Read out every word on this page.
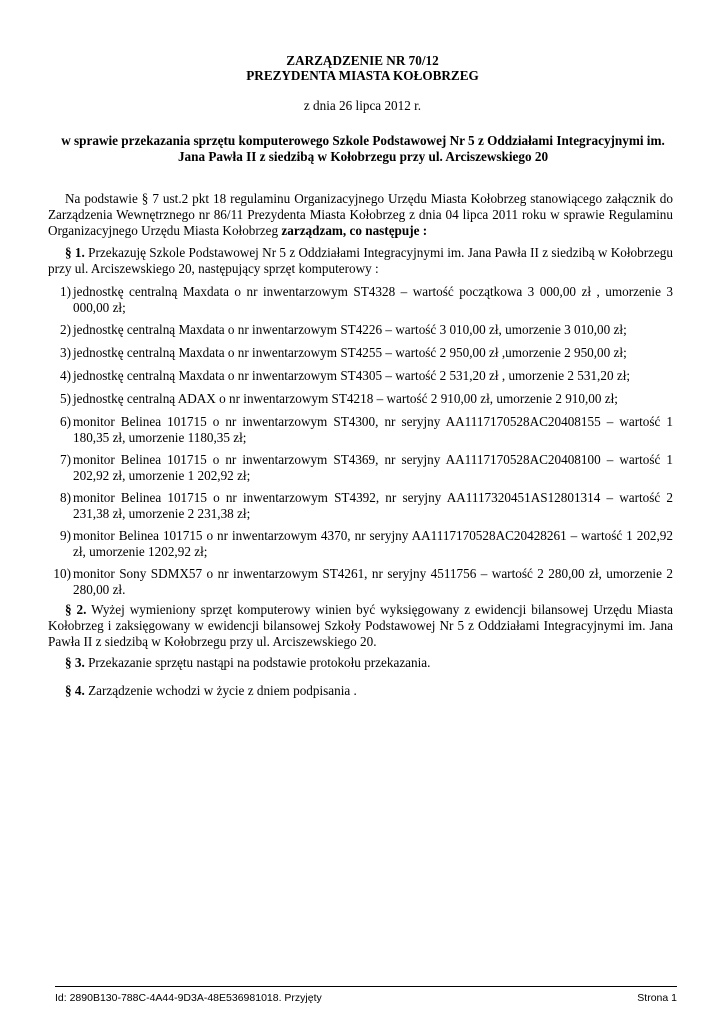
ZARZĄDZENIE NR 70/12
PREZYDENTA MIASTA KOŁOBRZEG
z dnia 26 lipca 2012 r.
w sprawie przekazania sprzętu komputerowego Szkole Podstawowej Nr 5 z Oddziałami Integracyjnymi im. Jana Pawła II z siedzibą w Kołobrzegu przy ul. Arciszewskiego 20
Na podstawie § 7 ust.2 pkt 18 regulaminu Organizacyjnego Urzędu Miasta Kołobrzeg stanowiącego załącznik do Zarządzenia Wewnętrznego nr 86/11 Prezydenta Miasta Kołobrzeg z dnia 04 lipca 2011 roku w sprawie Regulaminu Organizacyjnego Urzędu Miasta Kołobrzeg zarządzam, co następuje :
§ 1. Przekazuję Szkole Podstawowej Nr 5 z Oddziałami Integracyjnymi im. Jana Pawła II z siedzibą w Kołobrzegu przy ul. Arciszewskiego 20, następujący sprzęt komputerowy :
1) jednostkę centralną Maxdata o nr inwentarzowym ST4328 – wartość początkowa 3 000,00 zł , umorzenie 3 000,00 zł;
2) jednostkę centralną Maxdata o nr inwentarzowym ST4226 – wartość 3 010,00 zł, umorzenie 3 010,00 zł;
3) jednostkę centralną Maxdata o nr inwentarzowym ST4255 – wartość 2 950,00 zł ,umorzenie 2 950,00 zł;
4) jednostkę centralną Maxdata o nr inwentarzowym ST4305 – wartość 2 531,20 zł , umorzenie 2 531,20 zł;
5) jednostkę centralną ADAX o nr inwentarzowym ST4218 – wartość 2 910,00 zł, umorzenie 2 910,00 zł;
6) monitor Belinea 101715 o nr inwentarzowym ST4300, nr seryjny AA1117170528AC20408155 – wartość 1 180,35 zł, umorzenie 1180,35 zł;
7) monitor Belinea 101715 o nr inwentarzowym ST4369, nr seryjny AA1117170528AC20408100 – wartość 1 202,92 zł, umorzenie 1 202,92 zł;
8) monitor Belinea 101715 o nr inwentarzowym ST4392, nr seryjny AA1117320451AS12801314 – wartość 2 231,38 zł, umorzenie 2 231,38 zł;
9) monitor Belinea 101715 o nr inwentarzowym 4370, nr seryjny AA1117170528AC20428261 – wartość 1 202,92 zł, umorzenie 1202,92 zł;
10) monitor Sony SDMX57 o nr inwentarzowym ST4261, nr seryjny 4511756 – wartość 2 280,00 zł, umorzenie 2 280,00 zł.
§ 2. Wyżej wymieniony sprzęt komputerowy winien być wyksięgowany z ewidencji bilansowej Urzędu Miasta Kołobrzeg i zaksięgowany w ewidencji bilansowej Szkoły Podstawowej Nr 5 z Oddziałami Integracyjnymi im. Jana Pawła II z siedzibą w Kołobrzegu przy ul. Arciszewskiego 20.
§ 3. Przekazanie sprzętu nastąpi na podstawie protokołu przekazania.
§ 4. Zarządzenie wchodzi w życie z dniem podpisania .
Id: 2890B130-788C-4A44-9D3A-48E536981018. Przyjęty	Strona 1
